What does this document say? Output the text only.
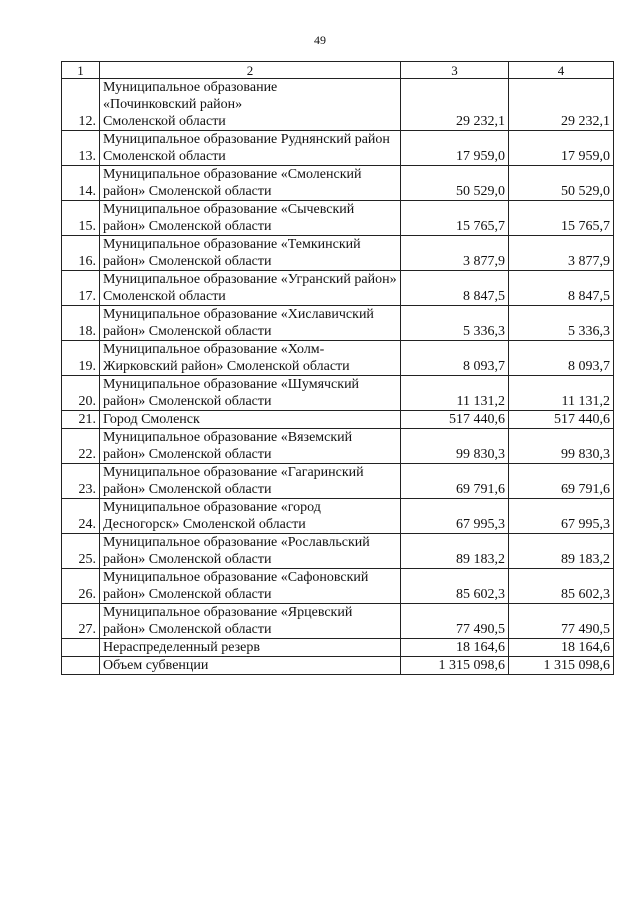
49
1	2	3	4
12.	Муниципальное образование «Починковский район» Смоленской области	29 232,1	29 232,1
13.	Муниципальное образование Руднянский район Смоленской области	17 959,0	17 959,0
14.	Муниципальное образование «Смоленский район» Смоленской области	50 529,0	50 529,0
15.	Муниципальное образование «Сычевский район» Смоленской области	15 765,7	15 765,7
16.	Муниципальное образование «Темкинский район» Смоленской области	3 877,9	3 877,9
17.	Муниципальное образование «Угранский район» Смоленской области	8 847,5	8 847,5
18.	Муниципальное образование «Хиславичский район» Смоленской области	5 336,3	5 336,3
19.	Муниципальное образование «Холм-Жирковский район» Смоленской области	8 093,7	8 093,7
20.	Муниципальное образование «Шумячский район» Смоленской области	11 131,2	11 131,2
21.	Город Смоленск	517 440,6	517 440,6
22.	Муниципальное образование «Вяземский район» Смоленской области	99 830,3	99 830,3
23.	Муниципальное образование «Гагаринский район» Смоленской области	69 791,6	69 791,6
24.	Муниципальное образование «город Десногорск» Смоленской области	67 995,3	67 995,3
25.	Муниципальное образование «Рославльский район» Смоленской области	89 183,2	89 183,2
26.	Муниципальное образование «Сафоновский район» Смоленской области	85 602,3	85 602,3
27.	Муниципальное образование «Ярцевский район» Смоленской области	77 490,5	77 490,5
	Нераспределенный резерв	18 164,6	18 164,6
	Объем субвенции	1 315 098,6	1 315 098,6
